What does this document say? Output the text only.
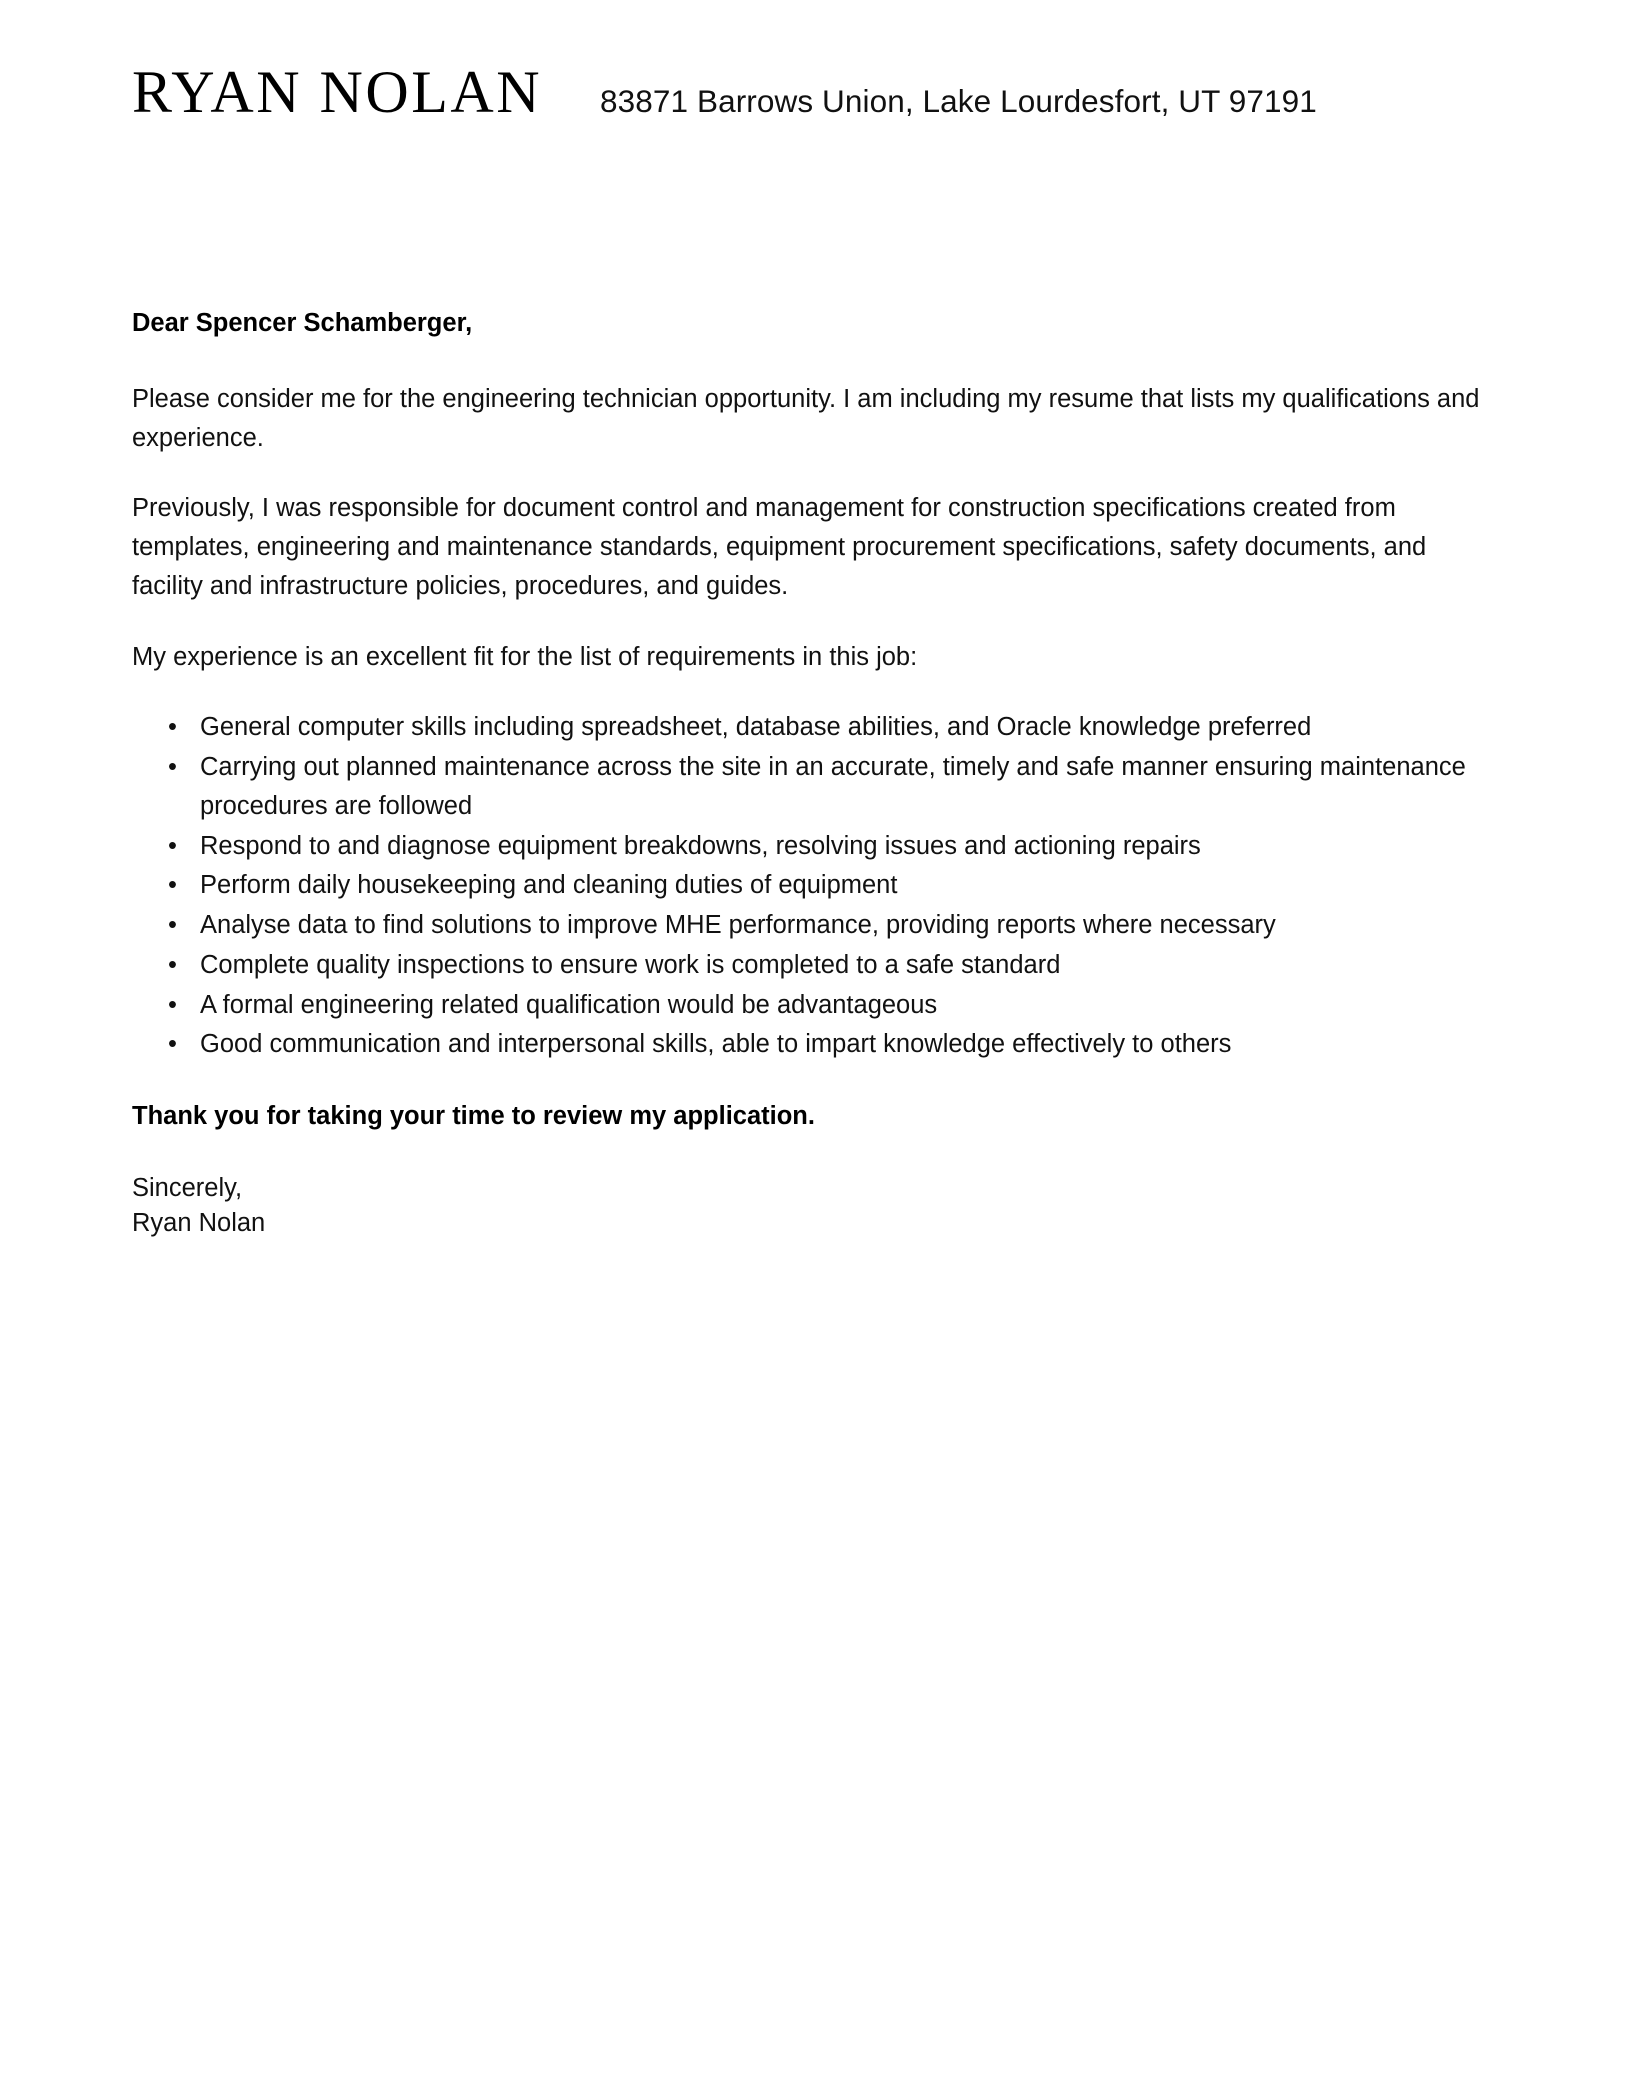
RYAN NOLAN 83871 Barrows Union, Lake Lourdesfort, UT 97191

Dear Spencer Schamberger,

Please consider me for the engineering technician opportunity. I am including my resume that lists my qualifications and experience.

Previously, I was responsible for document control and management for construction specifications created from templates, engineering and maintenance standards, equipment procurement specifications, safety documents, and facility and infrastructure policies, procedures, and guides.

My experience is an excellent fit for the list of requirements in this job:

• General computer skills including spreadsheet, database abilities, and Oracle knowledge preferred
• Carrying out planned maintenance across the site in an accurate, timely and safe manner ensuring maintenance procedures are followed
• Respond to and diagnose equipment breakdowns, resolving issues and actioning repairs
• Perform daily housekeeping and cleaning duties of equipment
• Analyse data to find solutions to improve MHE performance, providing reports where necessary
• Complete quality inspections to ensure work is completed to a safe standard
• A formal engineering related qualification would be advantageous
• Good communication and interpersonal skills, able to impart knowledge effectively to others

Thank you for taking your time to review my application.

Sincerely,
Ryan Nolan
